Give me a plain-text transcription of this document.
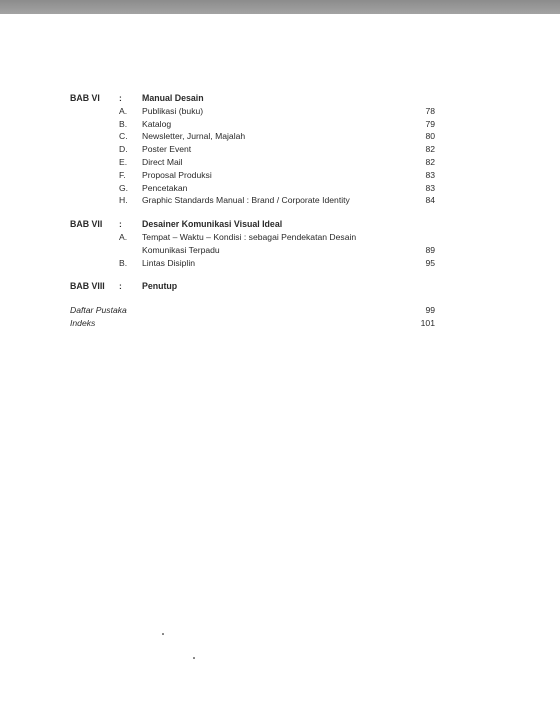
BAB VI : Manual Desain
A. Publikasi (buku)	78
B. Katalog	79
C. Newsletter, Jurnal, Majalah	80
D. Poster Event	82
E. Direct Mail	82
F. Proposal Produksi	83
G. Pencetakan	83
H. Graphic Standards Manual : Brand / Corporate Identity	84
BAB VII : Desainer Komunikasi Visual Ideal
A. Tempat – Waktu – Kondisi : sebagai Pendekatan Desain
Komunikasi Terpadu	89
B. Lintas Disiplin	95
BAB VIII : Penutup
Daftar Pustaka	99
Indeks	101
